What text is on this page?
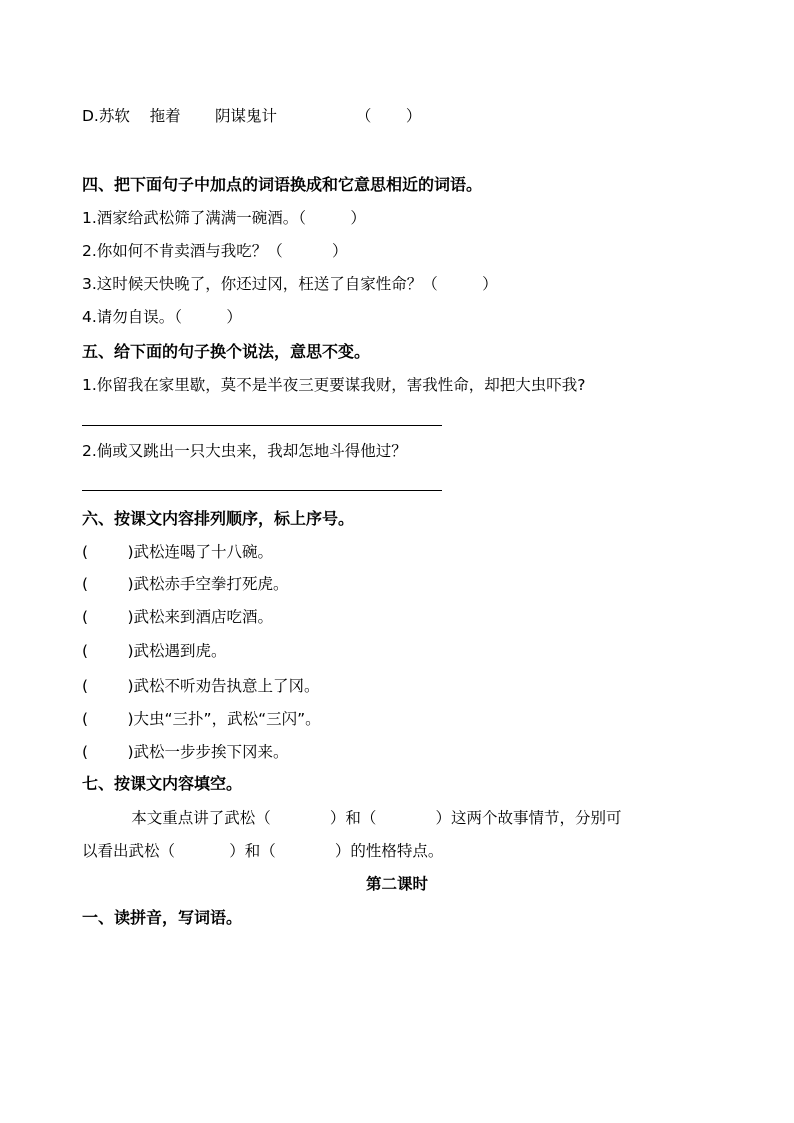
D.苏软    拖着       阴谋鬼计                （       ）
四、把下面句子中加点的词语换成和它意思相近的词语。
1.酒家给武松筛了满满一碗酒。（         ）
2.你如何不肯卖酒与我吃？（          ）
3.这时候天快晚了，你还过冈，枉送了自家性命？（         ）
4.请勿自误。（         ）
五、给下面的句子换个说法，意思不变。
1.你留我在家里歇，莫不是半夜三更要谋我财，害我性命，却把大虫吓我?
2.倘或又跳出一只大虫来，我却怎地斗得他过？
六、按课文内容排列顺序，标上序号。
(        )武松连喝了十八碗。
(        )武松赤手空拳打死虎。
(        )武松来到酒店吃酒。
(        )武松遇到虎。
(        )武松不听劝告执意上了冈。
(        )大虫“三扑”，武松“三闪”。
(        )武松一步步挨下冈来。
七、按课文内容填空。
本文重点讲了武松（            ）和（            ）这两个故事情节，分别可
以看出武松（           ）和（            ）的性格特点。
第二课时
一、读拼音，写词语。
